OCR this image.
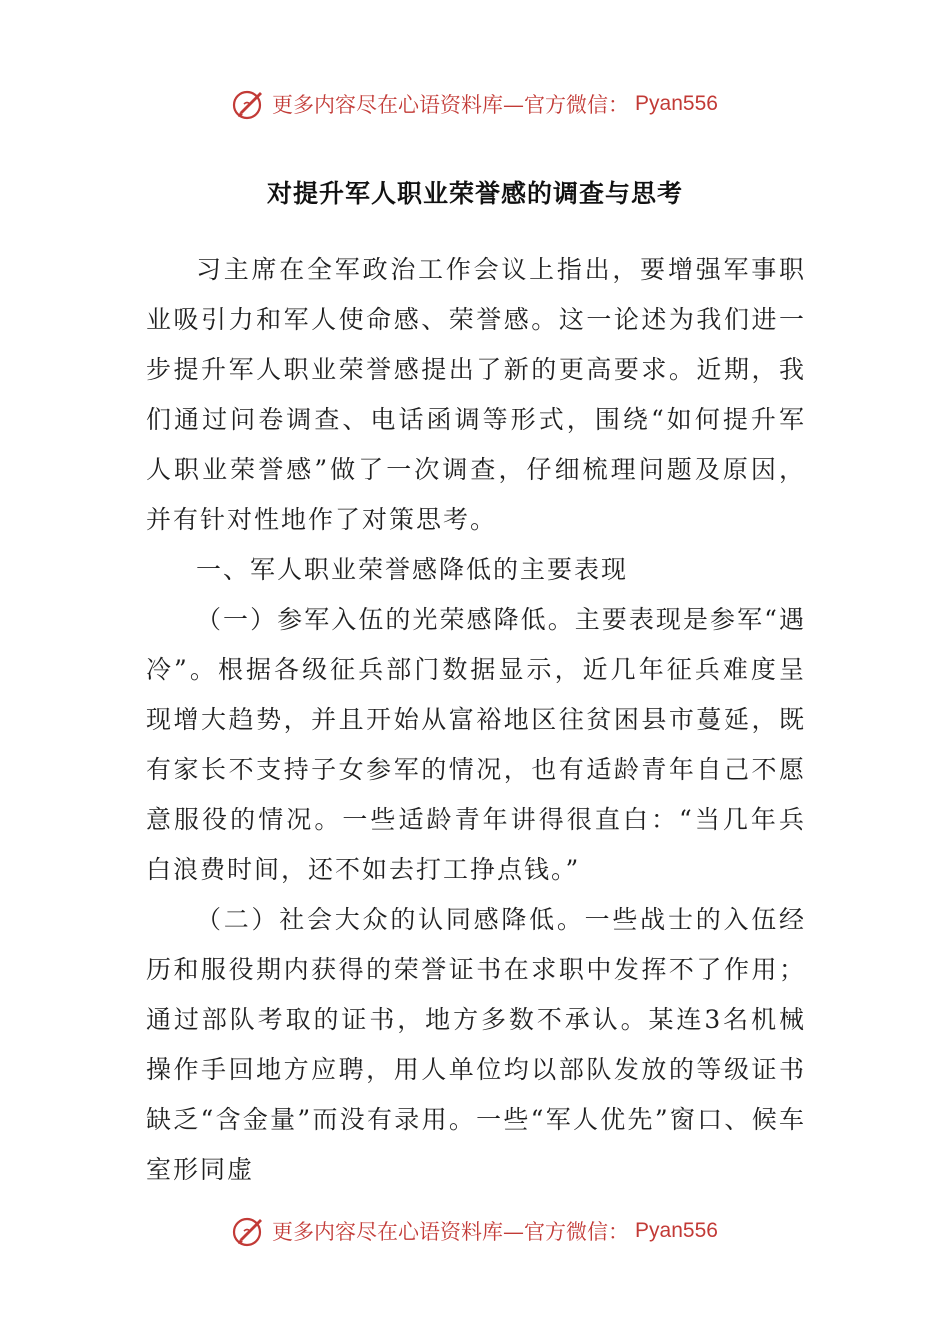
更多内容尽在心语资料库—官方微信： Pyan556
对提升军人职业荣誉感的调查与思考

习主席在全军政治工作会议上指出，要增强军事职业吸引力和军人使命感、荣誉感。这一论述为我们进一步提升军人职业荣誉感提出了新的更高要求。近期，我们通过问卷调查、电话函调等形式，围绕“如何提升军人职业荣誉感”做了一次调查，仔细梳理问题及原因，并有针对性地作了对策思考。

一、军人职业荣誉感降低的主要表现

（一）参军入伍的光荣感降低。主要表现是参军“遇冷”。根据各级征兵部门数据显示，近几年征兵难度呈现增大趋势，并且开始从富裕地区往贫困县市蔓延，既有家长不支持子女参军的情况，也有适龄青年自己不愿意服役的情况。一些适龄青年讲得很直白：“当几年兵白浪费时间，还不如去打工挣点钱。”

（二）社会大众的认同感降低。一些战士的入伍经历和服役期内获得的荣誉证书在求职中发挥不了作用；通过部队考取的证书，地方多数不承认。某连3名机械操作手回地方应聘，用人单位均以部队发放的等级证书缺乏“含金量”而没有录用。一些“军人优先”窗口、候车室形同虚

更多内容尽在心语资料库—官方微信： Pyan556
